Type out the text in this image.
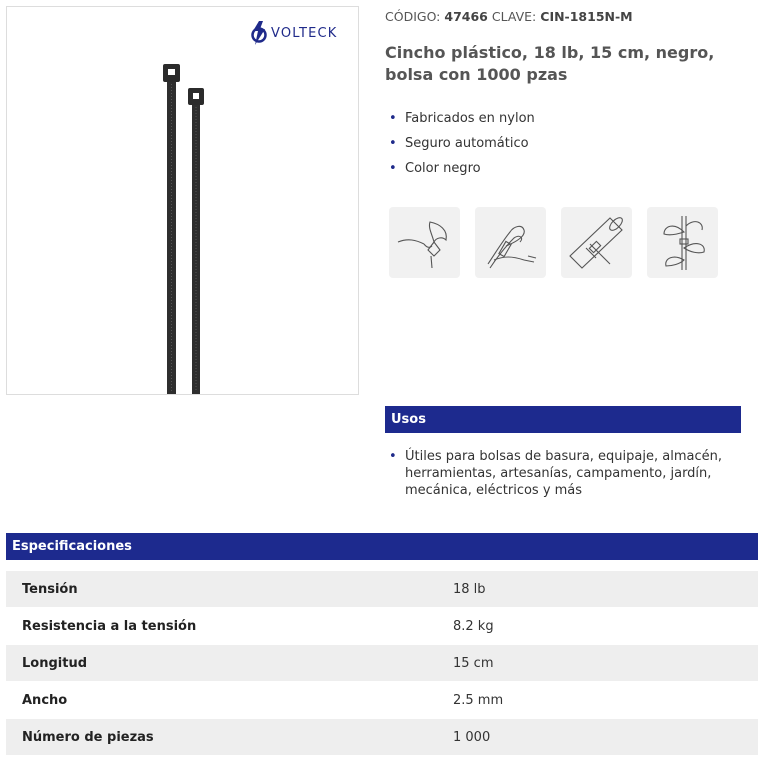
VOLTECK
CÓDIGO: 47466 CLAVE: CIN-1815N-M
Cincho plástico, 18 lb, 15 cm, negro, bolsa con 1000 pzas
• Fabricados en nylon
• Seguro automático
• Color negro
Usos
• Útiles para bolsas de basura, equipaje, almacén, herramientas, artesanías, campamento, jardín, mecánica, eléctricos y más
Especificaciones
Tensión	18 lb
Resistencia a la tensión	8.2 kg
Longitud	15 cm
Ancho	2.5 mm
Número de piezas	1 000
